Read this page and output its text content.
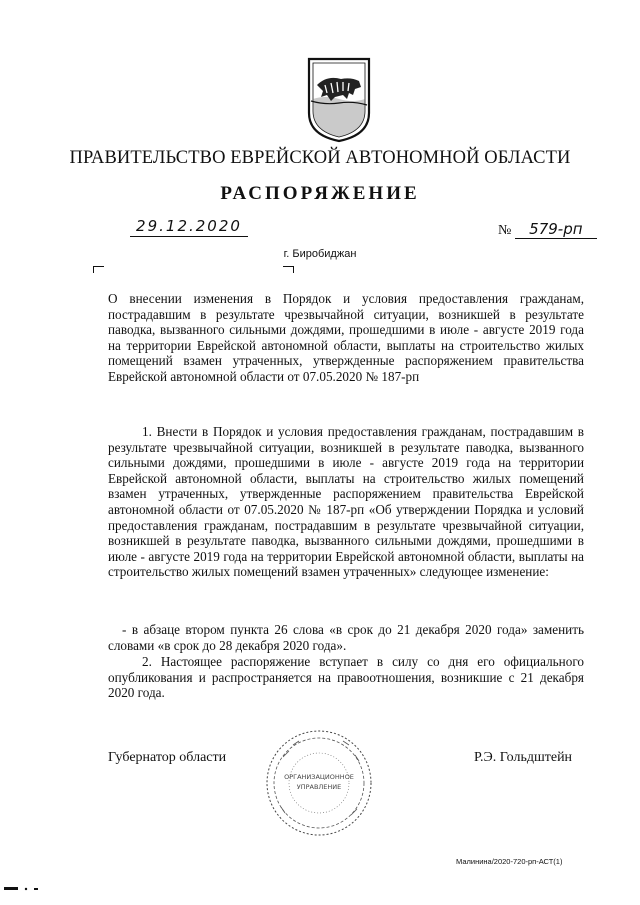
ПРАВИТЕЛЬСТВО ЕВРЕЙСКОЙ АВТОНОМНОЙ ОБЛАСТИ
РАСПОРЯЖЕНИЕ
29.12.2020	№ 579-рп
г. Биробиджан

О внесении изменения в Порядок и условия предоставления гражданам, пострадавшим в результате чрезвычайной ситуации, возникшей в результате паводка, вызванного сильными дождями, прошедшими в июле - августе 2019 года на территории Еврейской автономной области, выплаты на строительство жилых помещений взамен утраченных, утвержденные распоряжением правительства Еврейской автономной области от 07.05.2020 № 187-рп

1. Внести в Порядок и условия предоставления гражданам, пострадавшим в результате чрезвычайной ситуации, возникшей в результате паводка, вызванного сильными дождями, прошедшими в июле - августе 2019 года на территории Еврейской автономной области, выплаты на строительство жилых помещений взамен утраченных, утвержденные распоряжением правительства Еврейской автономной области от 07.05.2020 № 187-рп «Об утверждении Порядка и условий предоставления гражданам, пострадавшим в результате чрезвычайной ситуации, возникшей в результате паводка, вызванного сильными дождями, прошедшими в июле - августе 2019 года на территории Еврейской автономной области, выплаты на строительство жилых помещений взамен утраченных» следующее изменение:

- в абзаце втором пункта 26 слова «в срок до 21 декабря 2020 года» заменить словами «в срок до 28 декабря 2020 года».

2. Настоящее распоряжение вступает в силу со дня его официального опубликования и распространяется на правоотношения, возникшие с 21 декабря 2020 года.

Губернатор области	Р.Э. Гольдштейн
ОРГАНИЗАЦИОННОЕ
УПРАВЛЕНИЕ
Малинина/2020-720-рп-АСТ(1)
